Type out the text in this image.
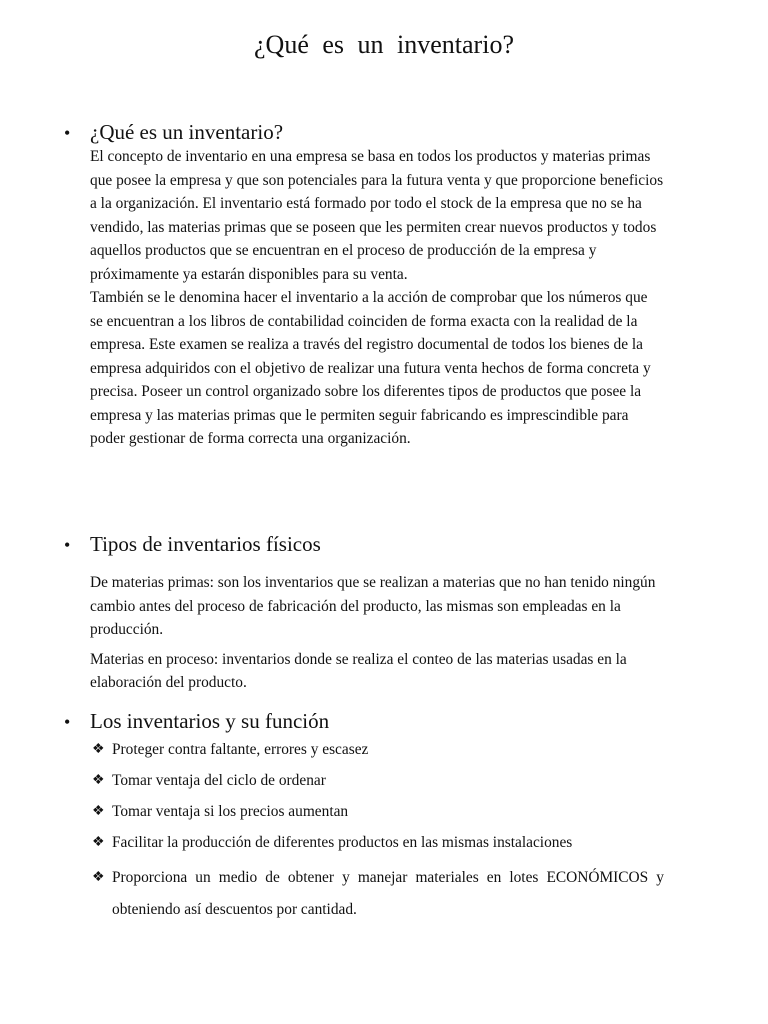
¿Qué es un inventario?
• ¿Qué es un inventario?

El concepto de inventario en una empresa se basa en todos los productos y materias primas que posee la empresa y que son potenciales para la futura venta y que proporcione beneficios a la organización. El inventario está formado por todo el stock de la empresa que no se ha vendido, las materias primas que se poseen que les permiten crear nuevos productos y todos aquellos productos que se encuentran en el proceso de producción de la empresa y próximamente ya estarán disponibles para su venta.

También se le denomina hacer el inventario a la acción de comprobar que los números que se encuentran a los libros de contabilidad coinciden de forma exacta con la realidad de la empresa. Este examen se realiza a través del registro documental de todos los bienes de la empresa adquiridos con el objetivo de realizar una futura venta hechos de forma concreta y precisa. Poseer un control organizado sobre los diferentes tipos de productos que posee la empresa y las materias primas que le permiten seguir fabricando es imprescindible para poder gestionar de forma correcta una organización.

• Tipos de inventarios físicos

De materias primas: son los inventarios que se realizan a materias que no han tenido ningún cambio antes del proceso de fabricación del producto, las mismas son empleadas en la producción.

Materias en proceso: inventarios donde se realiza el conteo de las materias usadas en la elaboración del producto.

• Los inventarios y su función
❖ Proteger contra faltante, errores y escasez
❖ Tomar ventaja del ciclo de ordenar
❖ Tomar ventaja si los precios aumentan
❖ Facilitar la producción de diferentes productos en las mismas instalaciones
❖ Proporciona un medio de obtener y manejar materiales en lotes ECONÓMICOS y obteniendo así descuentos por cantidad.
